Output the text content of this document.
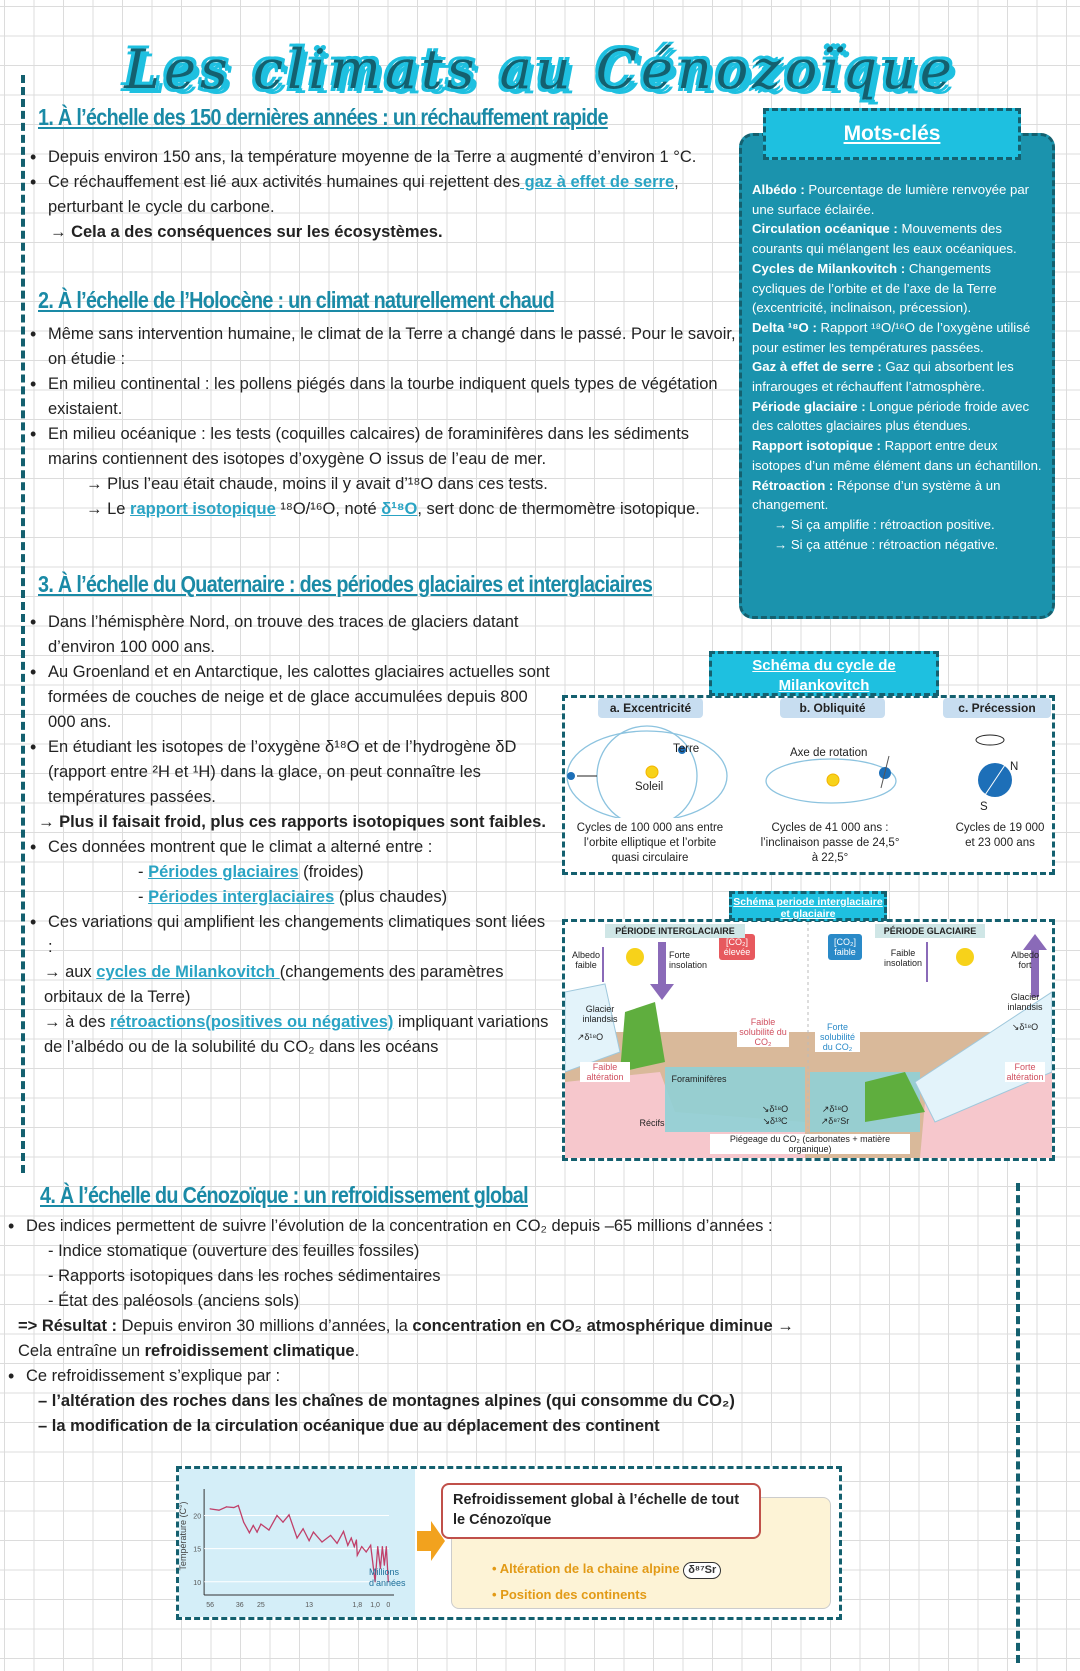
Les climats au Cénozoïque
1. À l’échelle des 150 dernières années : un réchauffement rapide

• Depuis environ 150 ans, la température moyenne de la Terre a augmenté d’environ 1 °C.

• Ce réchauffement est lié aux activités humaines qui rejettent des gaz à effet de serre, perturbant le cycle du carbone.

→ Cela a des conséquences sur les écosystèmes.

2. À l’échelle de l’Holocène : un climat naturellement chaud

• Même sans intervention humaine, le climat de la Terre a changé dans le passé. Pour le savoir, on étudie :

• En milieu continental : les pollens piégés dans la tourbe indiquent quels types de végétation existaient.

• En milieu océanique : les tests (coquilles calcaires) de foraminifères dans les sédiments marins contiennent des isotopes d’oxygène O issus de l’eau de mer.

→ Plus l’eau était chaude, moins il y avait d’¹⁸O dans ces tests.

→ Le rapport isotopique ¹⁸O/¹⁶O, noté δ¹⁸O, sert donc de thermomètre isotopique.

3. À l’échelle du Quaternaire : des périodes glaciaires et interglaciaires

• Dans l’hémisphère Nord, on trouve des traces de glaciers datant d’environ 100 000 ans.

• Au Groenland et en Antarctique, les calottes glaciaires actuelles sont formées de couches de neige et de glace accumulées depuis 800 000 ans.

• En étudiant les isotopes de l’oxygène δ¹⁸O et de l’hydrogène δD (rapport entre ²H et ¹H) dans la glace, on peut connaître les températures passées.

→ Plus il faisait froid, plus ces rapports isotopiques sont faibles.

• Ces données montrent que le climat a alterné entre :

- Périodes glaciaires (froides)

- Périodes interglaciaires (plus chaudes)

• Ces variations qui amplifient les changements climatiques sont liées :

→ aux cycles de Milankovitch (changements des paramètres orbitaux de la Terre)

→ à des rétroactions(positives ou négatives) impliquant variations de l’albédo ou de la solubilité du CO₂ dans les océans

Albédo : Pourcentage de lumière renvoyée par une surface éclairée.
Circulation océanique : Mouvements des courants qui mélangent les eaux océaniques.
Cycles de Milankovitch : Changements cycliques de l’orbite et de l’axe de la Terre (excentricité, inclinaison, précession).
Delta ¹⁸O : Rapport ¹⁸O/¹⁶O de l’oxygène utilisé pour estimer les températures passées.
Gaz à effet de serre : Gaz qui absorbent les infrarouges et réchauffent l’atmosphère.
Période glaciaire : Longue période froide avec des calottes glaciaires plus étendues.
Rapport isotopique : Rapport entre deux isotopes d’un même élément dans un échantillon.
Rétroaction : Réponse d’un système à un changement.
→ Si ça amplifie : rétroaction positive.
→ Si ça atténue : rétroaction négative.
Mots-clés
a. Excentricité	b. Obliquité	c. Précession
Terre
Soleil
Axe de rotation
N
S
Cycles de 100 000 ans entre l’orbite elliptique et l’orbite quasi circulaire
Cycles de 41 000 ans : l’inclinaison passe de 24,5° à 22,5°
Cycles de 19 000 et 23 000 ans
Schéma du cycle de Milankovitch
PÉRIODE INTERGLACIAIRE	PÉRIODE GLACIAIRE
Albedo faible
Forte insolation
[CO₂] élevée
Glacier inlandsis
↗δ¹⁸O
Faible solubilité du CO₂
Faible altération	Foraminifères
Récifs
↘δ¹⁸O
↘δ¹³C
[CO₂] faible	Faible insolation
Albedo fort
Glacier inlandsis
Forte solubilité du CO₂
↘δ¹⁸O
Forte altération
↗δ¹⁸O
↗δ⁸⁷Sr
Piégeage du CO₂ (carbonates + matière organique)
Schéma periode interglaciaire et glaciaire
4. À l’échelle du Cénozoïque : un refroidissement global

• Des indices permettent de suivre l’évolution de la concentration en CO₂ depuis –65 millions d’années :

- Indice stomatique (ouverture des feuilles fossiles)

- Rapports isotopiques dans les roches sédimentaires

- État des paléosols (anciens sols)

=> Résultat : Depuis environ 30 millions d’années, la concentration en CO₂ atmosphérique diminue → Cela entraîne un refroidissement climatique.

• Ce refroidissement s’explique par :

– l’altération des roches dans les chaînes de montagnes alpines (qui consomme du CO₂)

– la modification de la circulation océanique due au déplacement des continent

10
15
20
56	36 25	13	1,8 1,0 0
Température (C°)
Millions d’années
• Altération de la chaine alpine δ⁸⁷Sr
• Position des continents
Refroidissement global à l’échelle de tout le Cénozoïque
